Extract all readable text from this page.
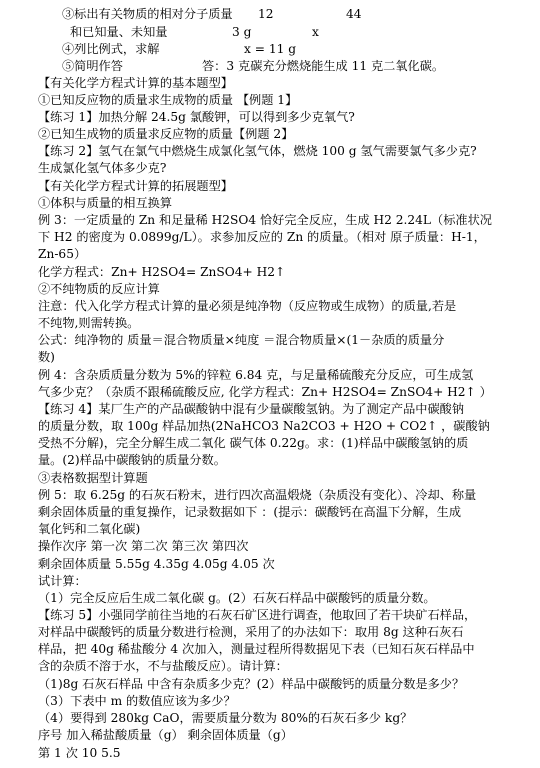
③标出有关物质的相对分子质量 12	44
和已知量、未知量	3 g	x
④列比例式，求解	x = 11 g
⑤简明作答	答：3 克碳充分燃烧能生成 11 克二氧化碳。
【有关化学方程式计算的基本题型】
①已知反应物的质量求生成物的质量 【例题 1】
【练习 1】加热分解 24.5g 氯酸钾，可以得到多少克氧气?
②已知生成物的质量求反应物的质量【例题 2】
【练习 2】氢气在氯气中燃烧生成氯化氢气体，燃烧 100 g 氢气需要氯气多少克?
生成氯化氢气体多少克?
【有关化学方程式计算的拓展题型】
①体积与质量的相互换算
例 3：一定质量的 Zn 和足量稀 H2SO4 恰好完全反应，生成 H2 2.24L（标准状况
下 H2 的密度为 0.0899g/L）。求参加反应的 Zn 的质量。（相对 原子质量：H-1，
Zn-65）
化学方程式：Zn+ H2SO4= ZnSO4+ H2↑
②不纯物质的反应计算
注意：代入化学方程式计算的量必须是纯净物（反应物或生成物）的质量,若是
不纯物,则需转换。
公式：纯净物的 质量＝混合物质量×纯度 ＝混合物质量×(1－杂质的质量分
数)
例 4：含杂质质量分数为 5%的锌粒 6.84 克，与足量稀硫酸充分反应，可生成氢
气多少克？（杂质不跟稀硫酸反应, 化学方程式：Zn+ H2SO4= ZnSO4+ H2↑ ）
【练习 4】某厂生产的产品碳酸钠中混有少量碳酸氢钠。为了测定产品中碳酸钠
的质量分数，取 100g 样品加热(2NaHCO3 Na2CO3 + H2O + CO2↑ ，碳酸钠
受热不分解)，完全分解生成二氧化 碳气体 0.22g。求：(1)样品中碳酸氢钠的质
量。(2)样品中碳酸钠的质量分数。
③表格数据型计算题
例 5：取 6.25g 的石灰石粉末，进行四次高温煅烧（杂质没有变化）、冷却、称量
剩余固体质量的重复操作，记录数据如下 ：(提示：碳酸钙在高温下分解，生成
氧化钙和二氧化碳)
操作次序 第一次 第二次 第三次 第四次
剩余固体质量 5.55g 4.35g 4.05g 4.05 次
试计算：
（1）完全反应后生成二氧化碳 g。(2）石灰石样品中碳酸钙的质量分数。
【练习 5】小强同学前往当地的石灰石矿区进行调查，他取回了若干块矿石样品，
对样品中碳酸钙的质量分数进行检测，采用了的办法如下：取用 8g 这种石灰石
样品，把 40g 稀盐酸分 4 次加入，测量过程所得数据见下表（已知石灰石样品中
含的杂质不溶于水，不与盐酸反应）。请计算：
（1)8g 石灰石样品 中含有杂质多少克？(2）样品中碳酸钙的质量分数是多少？
（3）下表中 m 的数值应该为多少？
（4）要得到 280kg CaO，需要质量分数为 80%的石灰石多少 kg？
序号 加入稀盐酸质量（g） 剩余固体质量（g）
第 1 次 10 5.5
